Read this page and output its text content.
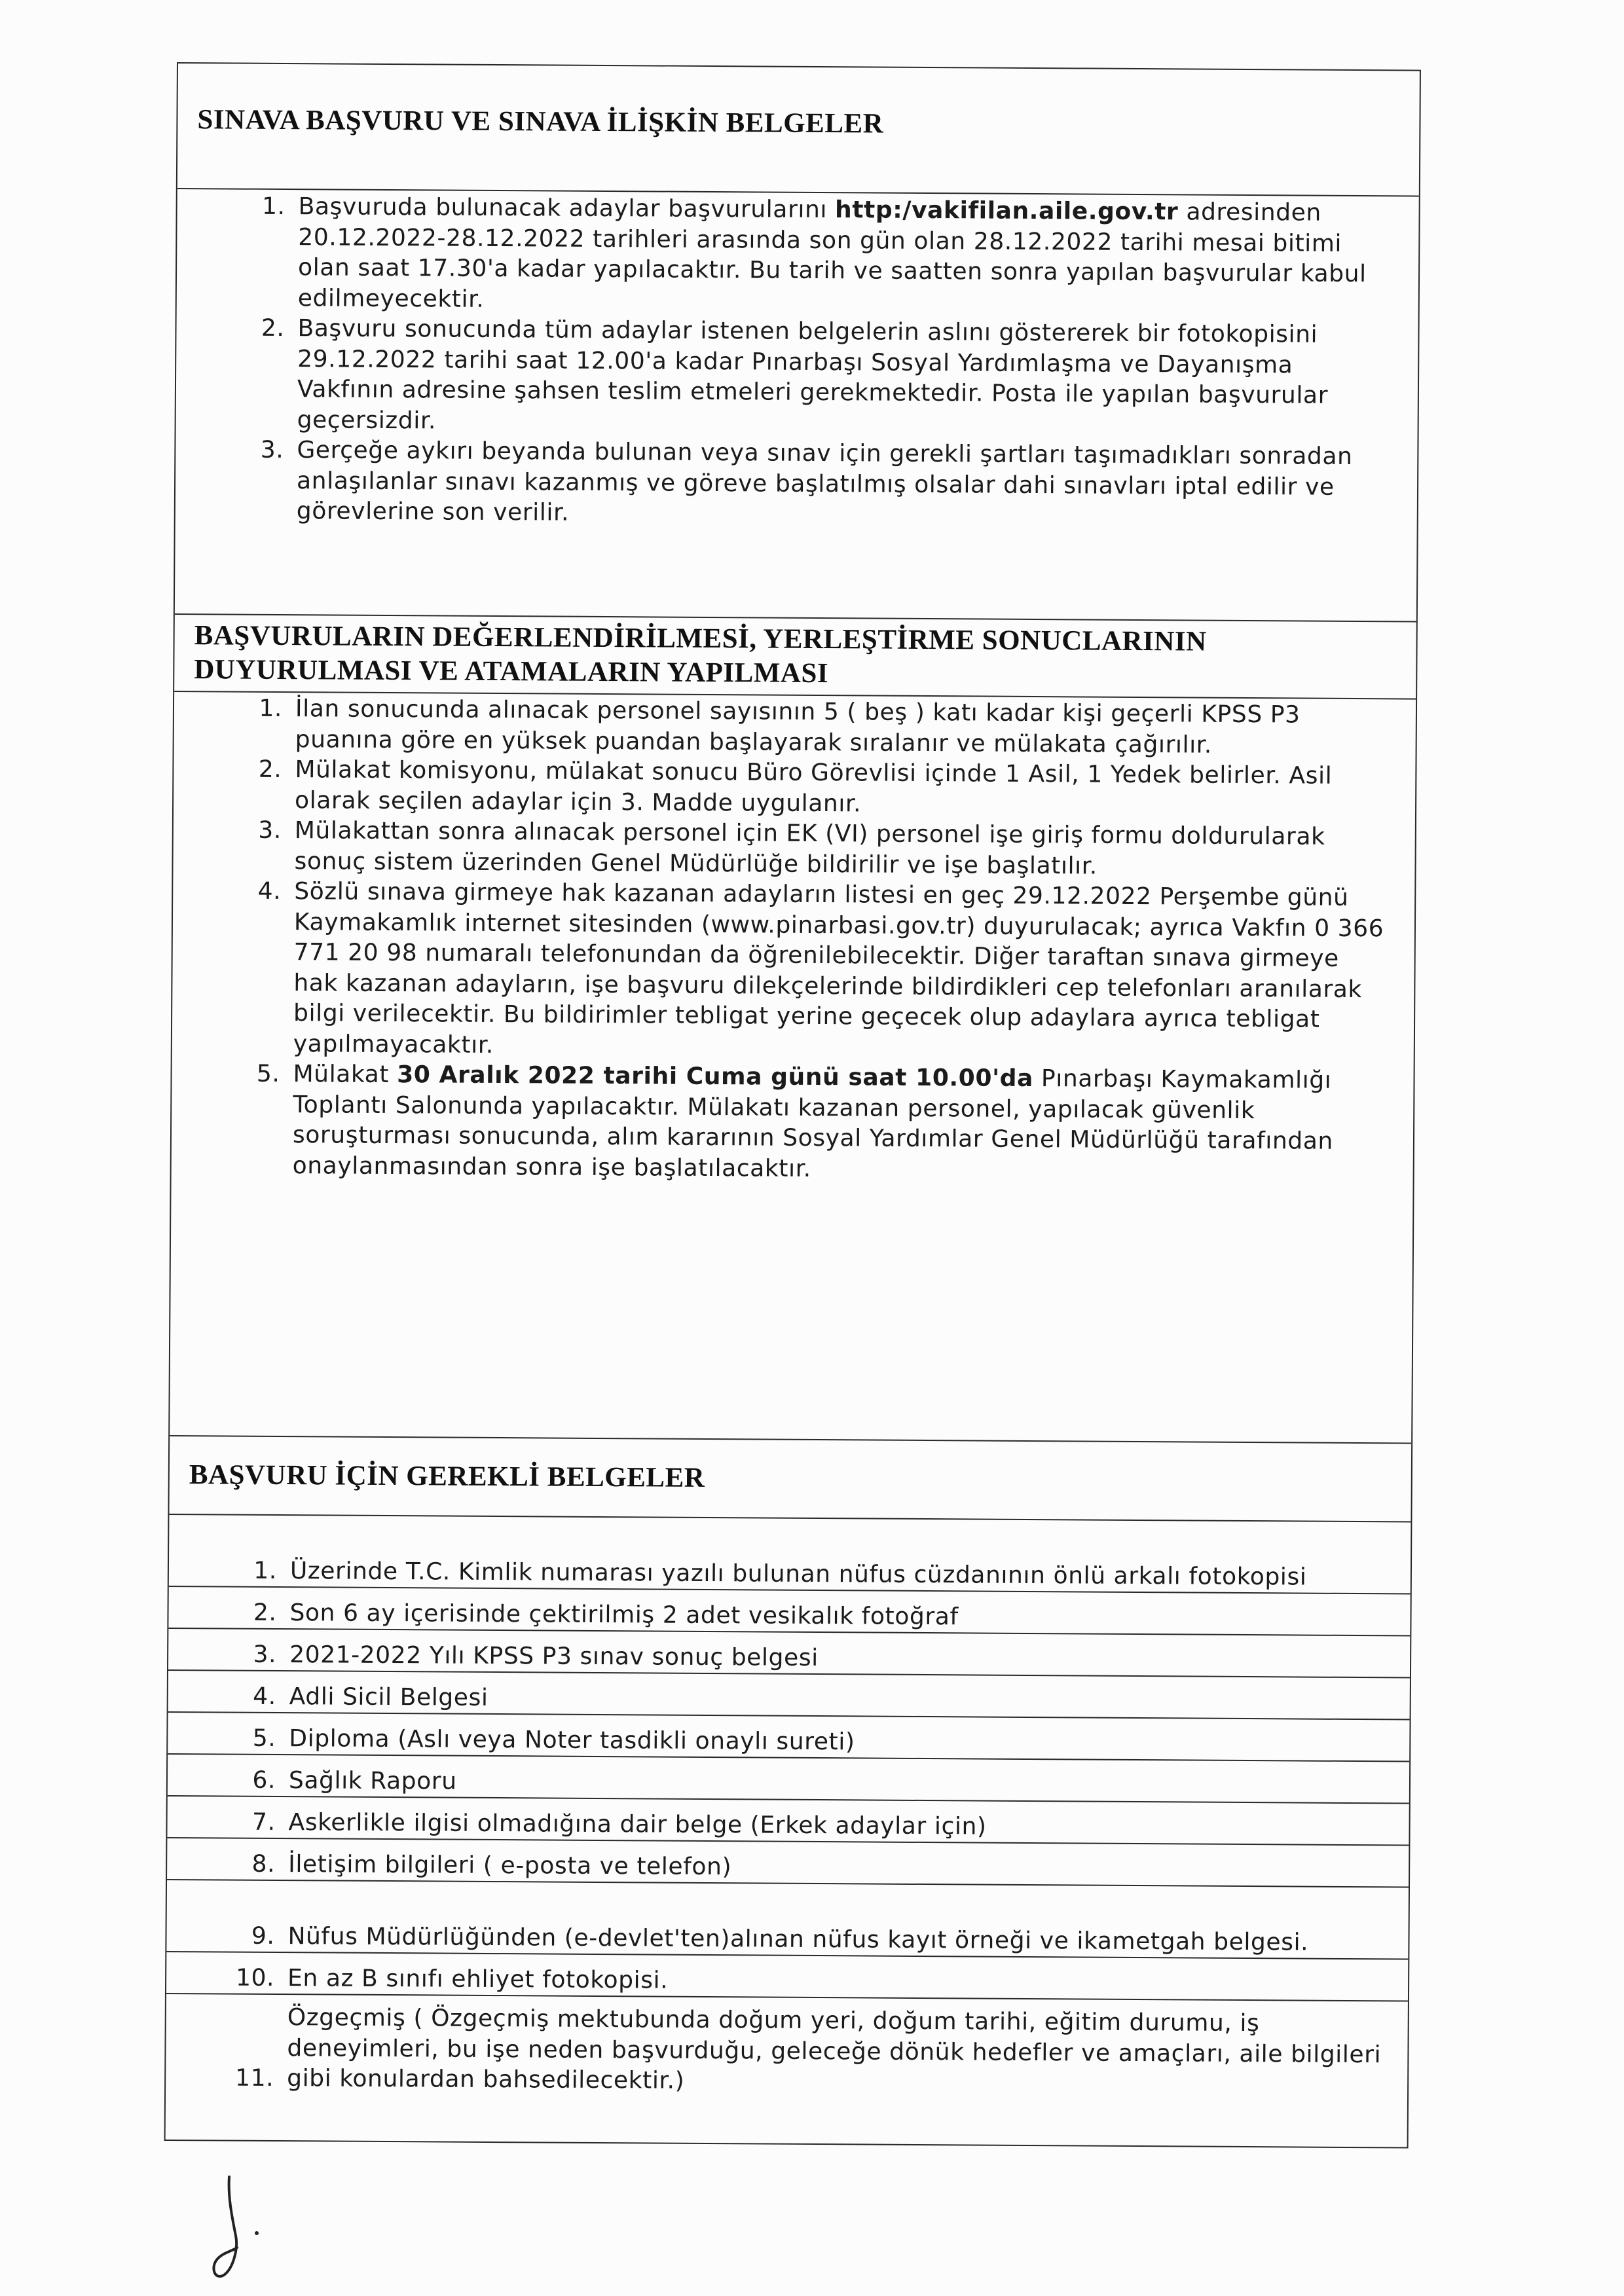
SINAVA BAŞVURU VE SINAVA İLİŞKİN BELGELER
1. Başvuruda bulunacak adaylar başvurularını http:/vakifilan.aile.gov.tr adresinden 20.12.2022-28.12.2022 tarihleri arasında son gün olan 28.12.2022 tarihi mesai bitimi olan saat 17.30'a kadar yapılacaktır. Bu tarih ve saatten sonra yapılan başvurular kabul edilmeyecektir.
2. Başvuru sonucunda tüm adaylar istenen belgelerin aslını göstererek bir fotokopisini 29.12.2022 tarihi saat 12.00'a kadar Pınarbaşı Sosyal Yardımlaşma ve Dayanışma Vakfının adresine şahsen teslim etmeleri gerekmektedir. Posta ile yapılan başvurular geçersizdir.
3. Gerçeğe aykırı beyanda bulunan veya sınav için gerekli şartları taşımadıkları sonradan anlaşılanlar sınavı kazanmış ve göreve başlatılmış olsalar dahi sınavları iptal edilir ve görevlerine son verilir.
BAŞVURULARIN DEĞERLENDİRİLMESİ, YERLEŞTİRME SONUCLARININ
DUYURULMASI VE ATAMALARIN YAPILMASI
1. İlan sonucunda alınacak personel sayısının 5 ( beş ) katı kadar kişi geçerli KPSS P3 puanına göre en yüksek puandan başlayarak sıralanır ve mülakata çağırılır.
2. Mülakat komisyonu, mülakat sonucu Büro Görevlisi içinde 1 Asil, 1 Yedek belirler. Asil olarak seçilen adaylar için 3. Madde uygulanır.
3. Mülakattan sonra alınacak personel için EK (VI) personel işe giriş formu doldurularak sonuç sistem üzerinden Genel Müdürlüğe bildirilir ve işe başlatılır.
4. Sözlü sınava girmeye hak kazanan adayların listesi en geç 29.12.2022 Perşembe günü Kaymakamlık internet sitesinden (www.pinarbasi.gov.tr) duyurulacak; ayrıca Vakfın 0 366 771 20 98 numaralı telefonundan da öğrenilebilecektir. Diğer taraftan sınava girmeye hak kazanan adayların, işe başvuru dilekçelerinde bildirdikleri cep telefonları aranılarak bilgi verilecektir. Bu bildirimler tebligat yerine geçecek olup adaylara ayrıca tebligat yapılmayacaktır.
5. Mülakat 30 Aralık 2022 tarihi Cuma günü saat 10.00'da Pınarbaşı Kaymakamlığı Toplantı Salonunda yapılacaktır. Mülakatı kazanan personel, yapılacak güvenlik soruşturması sonucunda, alım kararının Sosyal Yardımlar Genel Müdürlüğü tarafından onaylanmasından sonra işe başlatılacaktır.
BAŞVURU İÇİN GEREKLİ BELGELER
1. Üzerinde T.C. Kimlik numarası yazılı bulunan nüfus cüzdanının önlü arkalı fotokopisi
2. Son 6 ay içerisinde çektirilmiş 2 adet vesikalık fotoğraf
3. 2021-2022 Yılı KPSS P3 sınav sonuç belgesi
4. Adli Sicil Belgesi
5. Diploma (Aslı veya Noter tasdikli onaylı sureti)
6. Sağlık Raporu
7. Askerlikle ilgisi olmadığına dair belge (Erkek adaylar için)
8. İletişim bilgileri ( e-posta ve telefon)
9. Nüfus Müdürlüğünden (e-devlet'ten)alınan nüfus kayıt örneği ve ikametgah belgesi.
10. En az B sınıfı ehliyet fotokopisi.
11.
Özgeçmiş ( Özgeçmiş mektubunda doğum yeri, doğum tarihi, eğitim durumu, iş deneyimleri, bu işe neden başvurduğu, geleceğe dönük hedefler ve amaçları, aile bilgileri gibi konulardan bahsedilecektir.)
